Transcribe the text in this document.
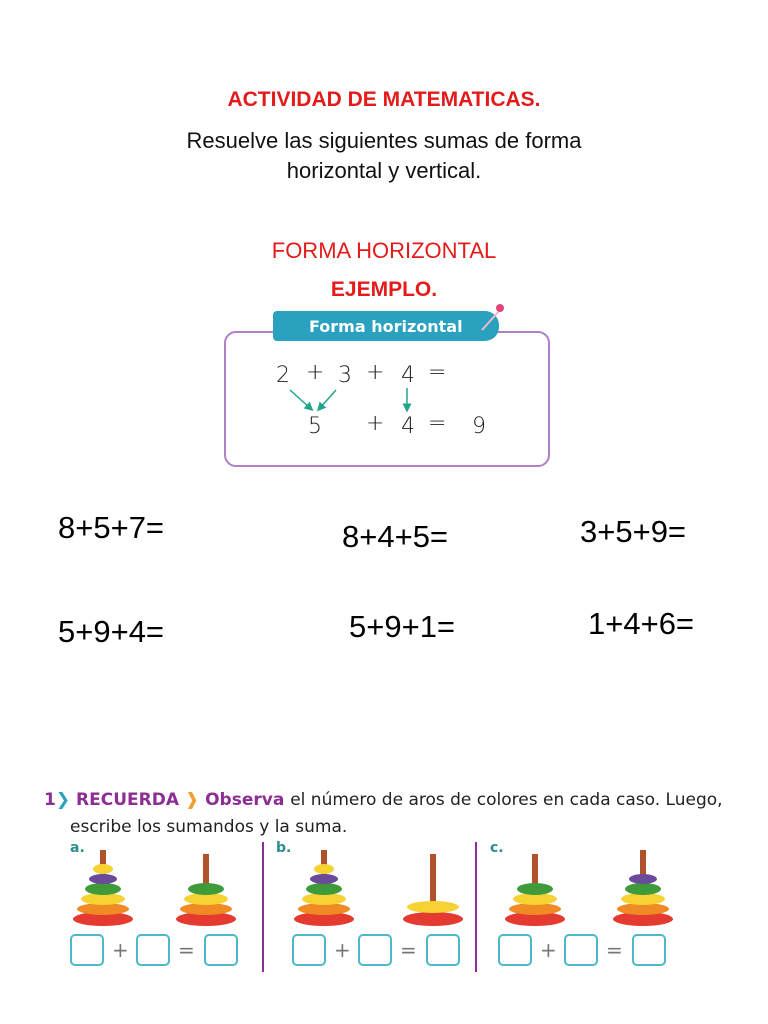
ACTIVIDAD DE MATEMATICAS.
Resuelve las siguientes sumas de forma
horizontal y vertical.
FORMA HORIZONTAL
EJEMPLO.
Forma horizontal
2 + 3 + 4 =
5 + 4 = 9
8+5+7=	8+4+5=	3+5+9=
5+9+4=	5+9+1=	1+4+6=
1❯ RECUERDA ❱ Observa el número de aros de colores en cada caso. Luego,
escribe los sumandos y la suma.
a.	b.	c.
+ =	+ =	+ =
